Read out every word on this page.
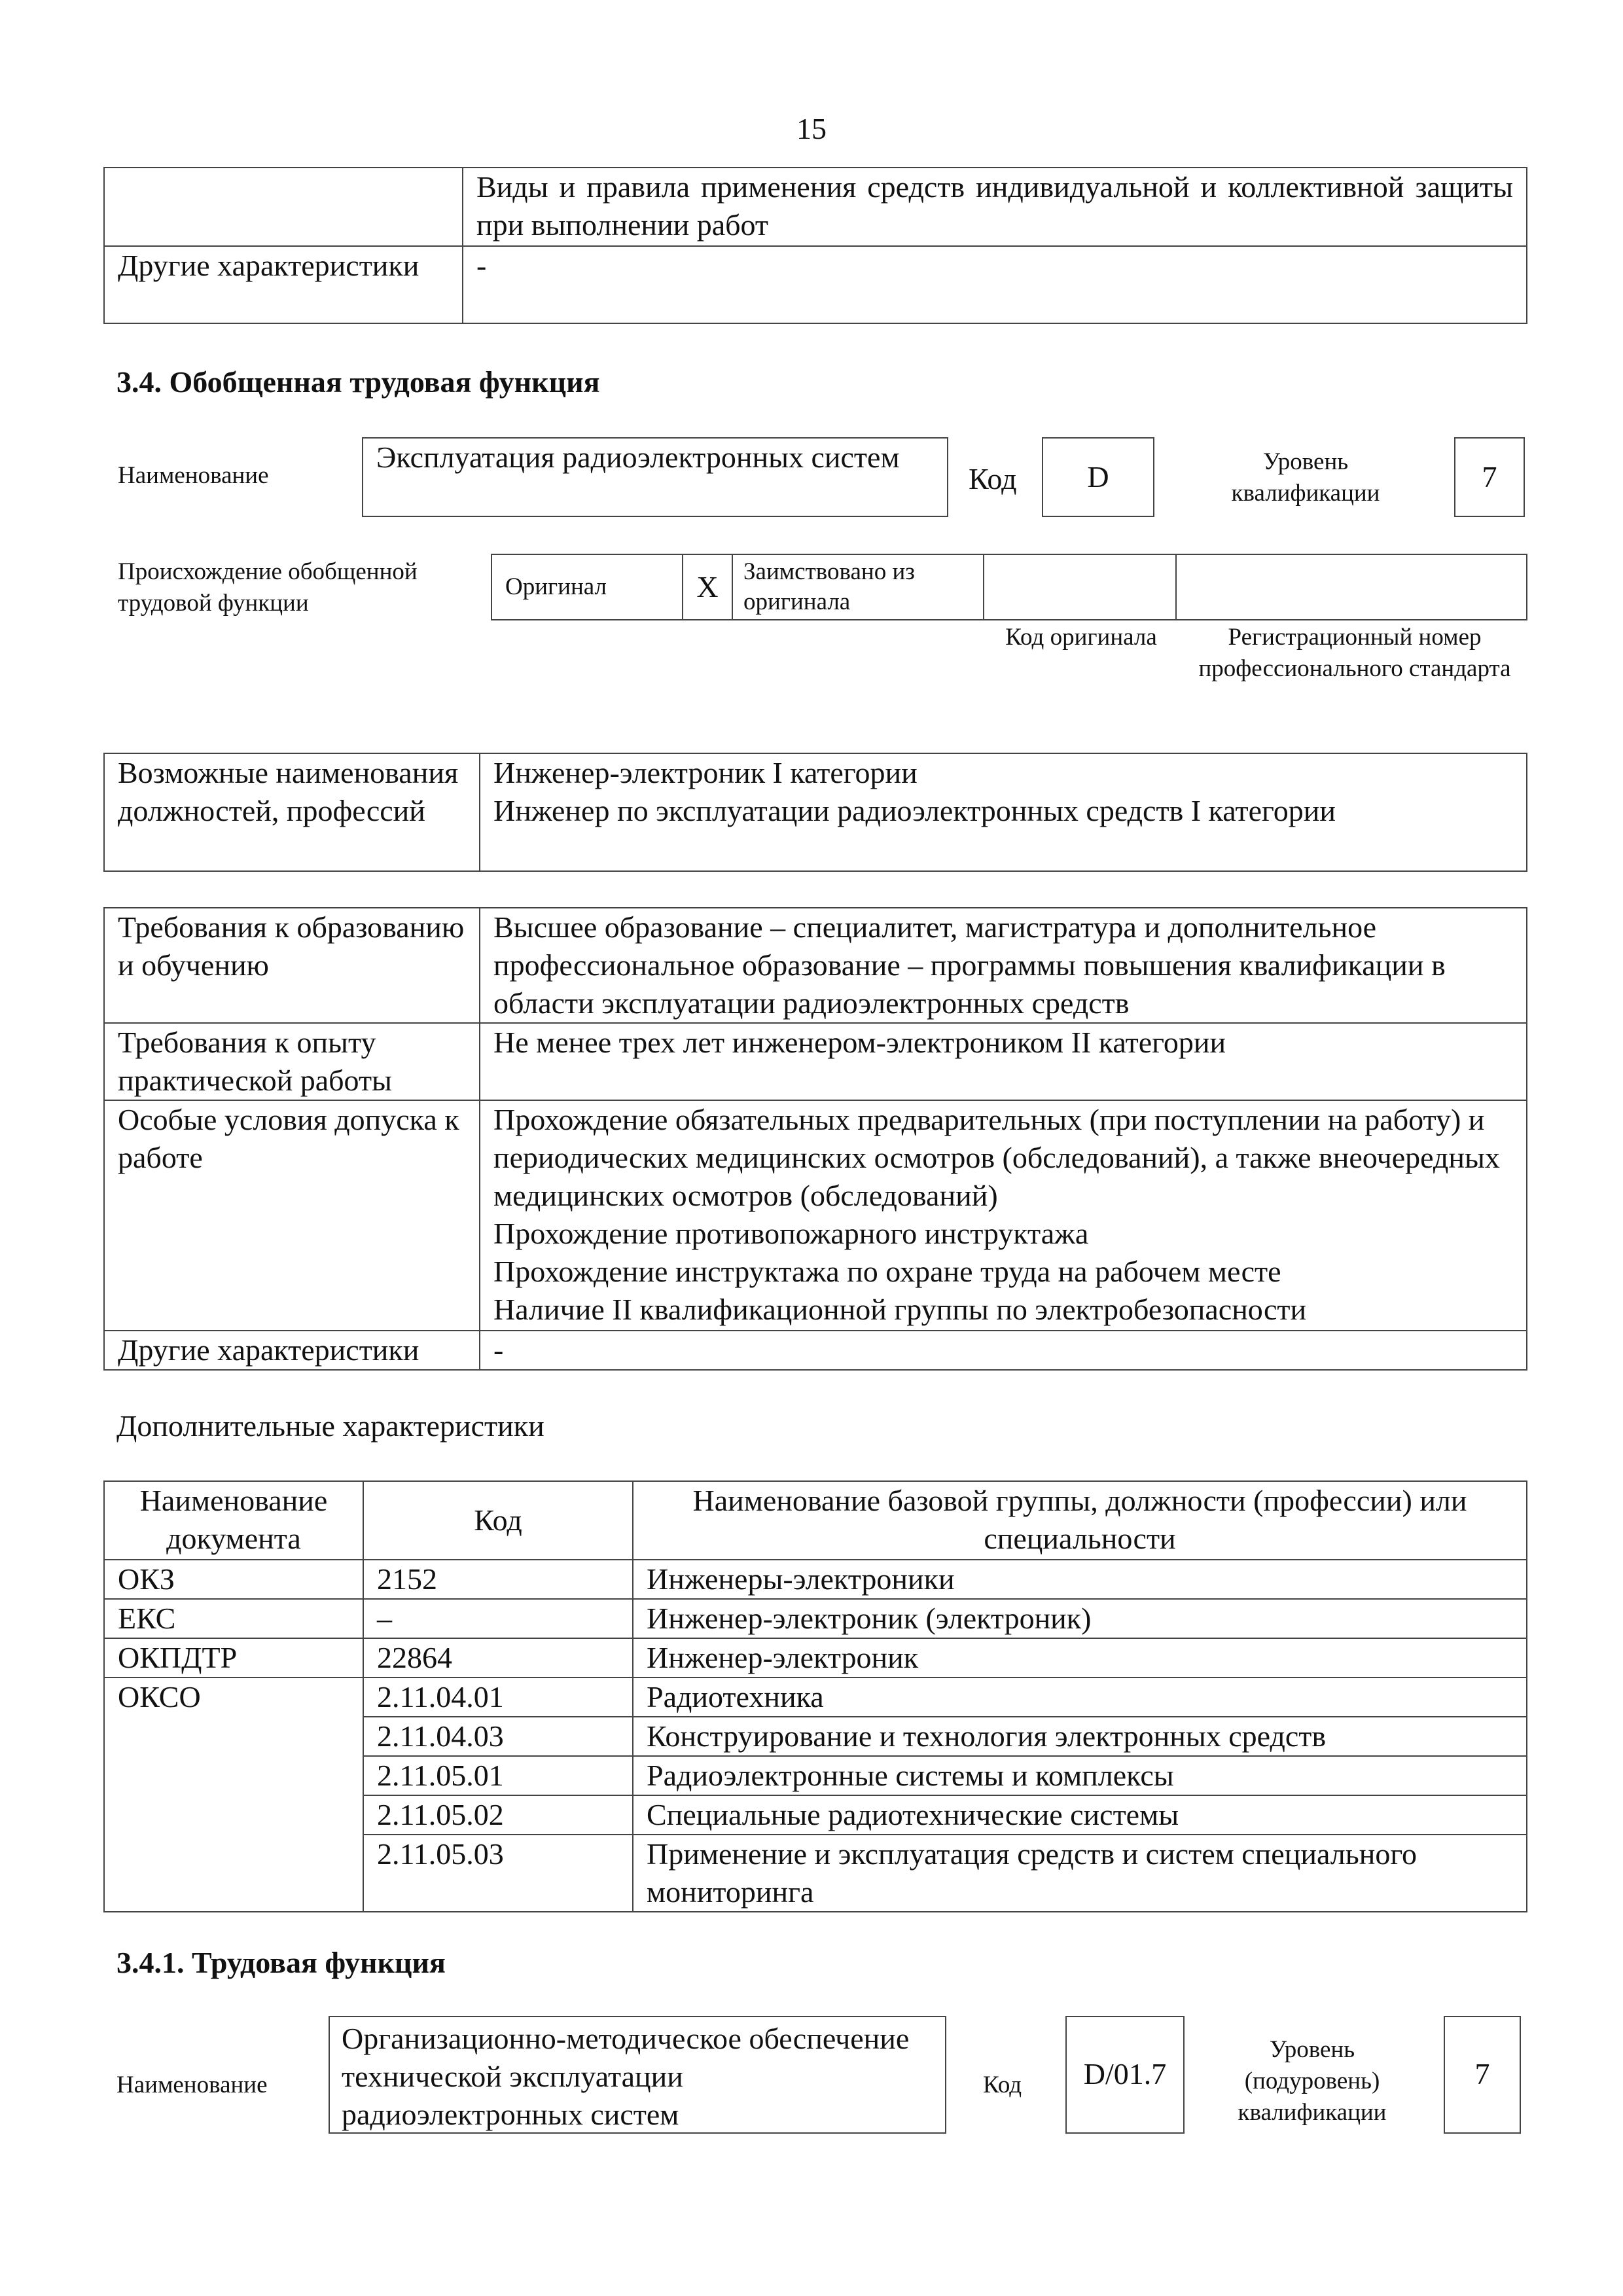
15
	Виды и правила применения средств индивидуальной и коллективной защиты при выполнении работ
Другие характеристики	-
3.4. Обобщенная трудовая функция
Наименование
Эксплуатация радиоэлектронных систем
Код	D	Уровень квалификации	7
Происхождение обобщенной трудовой функции
Оригинал	X	Заимствовано из оригинала		
Код оригинала	Регистрационный номер профессионального стандарта
Возможные наименования должностей, профессий	Инженер-электроник I категории
Инженер по эксплуатации радиоэлектронных средств I категории
Требования к образованию и обучению	Высшее образование – специалитет, магистратура и дополнительное профессиональное образование – программы повышения квалификации в области эксплуатации радиоэлектронных средств
Требования к опыту практической работы	Не менее трех лет инженером-электроником II категории
Особые условия допуска к работе	Прохождение обязательных предварительных (при поступлении на работу) и периодических медицинских осмотров (обследований), а также внеочередных медицинских осмотров (обследований)
Прохождение противопожарного инструктажа
Прохождение инструктажа по охране труда на рабочем месте
Наличие II квалификационной группы по электробезопасности
Другие характеристики	-
Дополнительные характеристики
Наименование документа	Код	Наименование базовой группы, должности (профессии) или специальности
ОКЗ	2152	Инженеры-электроники
ЕКС	–	Инженер-электроник (электроник)
ОКПДТР	22864	Инженер-электроник
ОКСО	2.11.04.01	Радиотехника
	2.11.04.03	Конструирование и технология электронных средств
	2.11.05.01	Радиоэлектронные системы и комплексы
	2.11.05.02	Специальные радиотехнические системы
	2.11.05.03	Применение и эксплуатация средств и систем специального мониторинга
3.4.1. Трудовая функция
Наименование
Организационно-методическое обеспечение технической эксплуатации радиоэлектронных систем
Код	D/01.7
Уровень (подуровень) квалификации
7
